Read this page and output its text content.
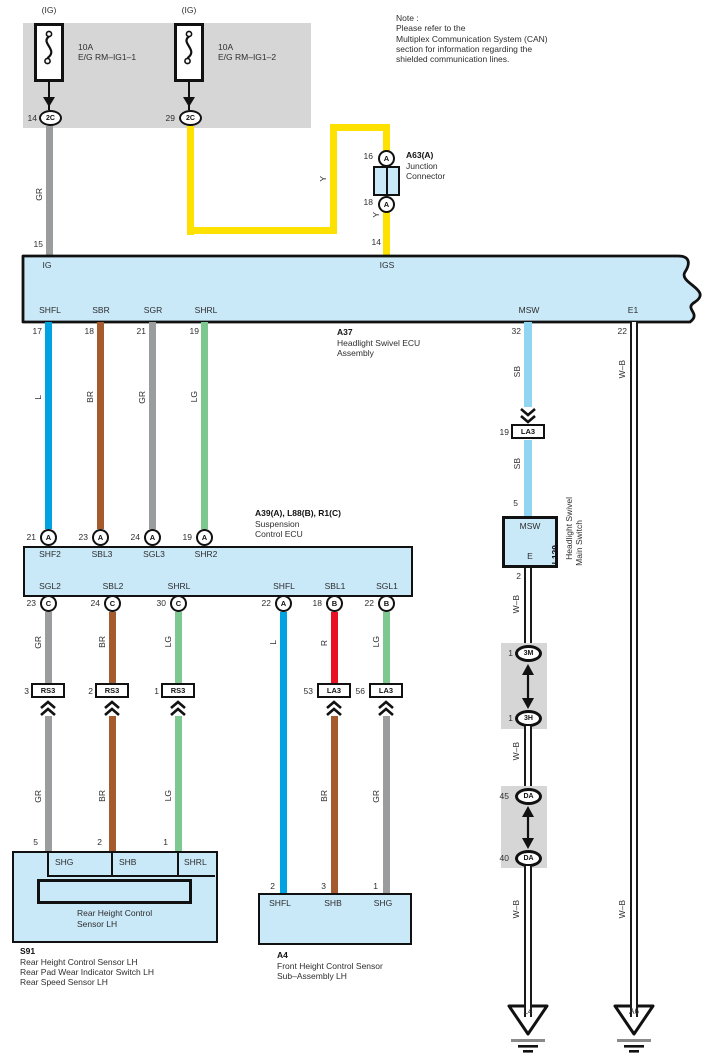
(IG)
10A
E/G RM–IG1–1
14 2C
(IG)
10A
E/G RM–IG1–2
29 2C
Note :
Please refer to the
Multiplex Communication System (CAN)
section for information regarding the
shielded communication lines.
GR
15
Y
Y
14
16 A
18 A
A63(A)
Junction
Connector
IG	IGS
SHFL	SBR	SGR	SHRL	MSW	E1
17	18	21	19	32	22
A37
Headlight Swivel ECU
Assembly
L	BR	GR	LG
21	23	24	19
A	A	A	A
A39(A), L88(B), R1(C)
Suspension
Control ECU
SHF2	SBL3	SGL3	SHR2
SGL2	SBL2	SHRL	SHFL	SBL1	SGL1
23	24	30	22	18	22
C	C	C	A	B	B
GR	BR	LG	L	R	LG
3 RS3	2 RS3	1 RS3	53 LA3	56 LA3
GR	BR	LG	BR	GR
5	2	1
SHG	SHB	SHRL
Rear Height Control
Sensor LH
S91
Rear Height Control Sensor LH
Rear Pad Wear Indicator Switch LH
Rear Speed Sensor LH
2	3	1
SHFL	SHB	SHG
A4
Front Height Control Sensor
Sub–Assembly LH
SB
19 LA3
SB
5
MSW
E L129 Headlight Swivel Main Switch
2
W–B
1 3M
1 3H
W–B
45 DA
40 DA
W–B
W–B
W–B
L4	A6
